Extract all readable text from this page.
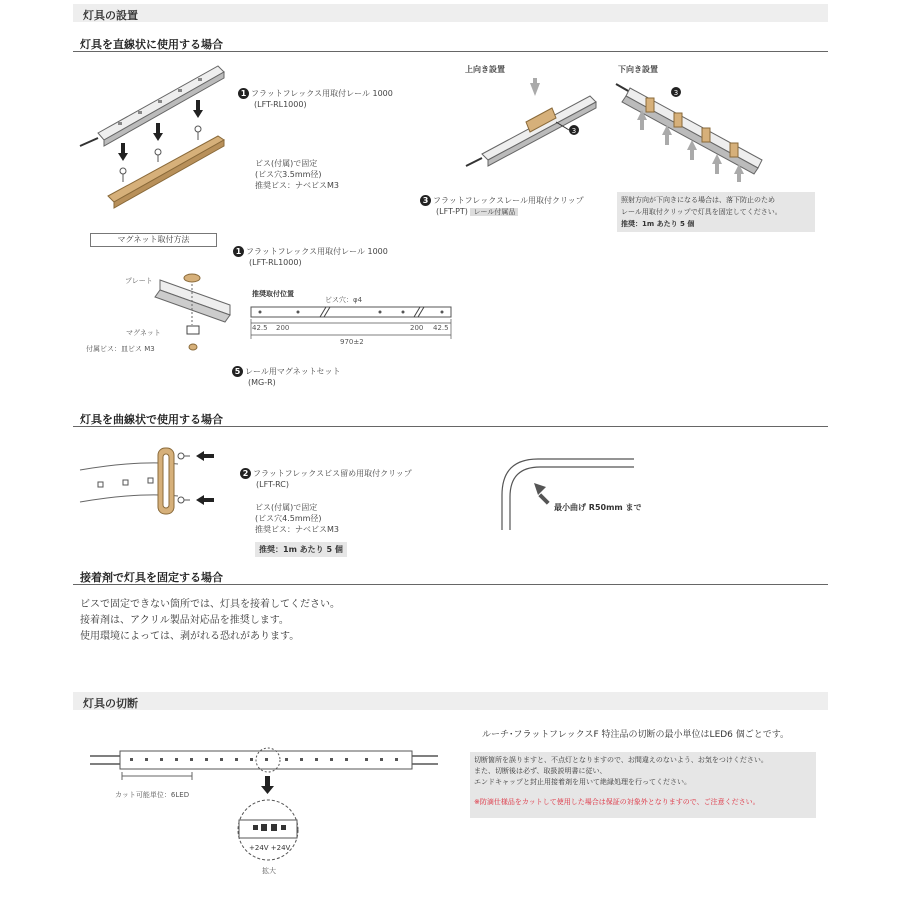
灯具の設置
灯具を直線状に使用する場合
1 フラットフレックス用取付レール 1000
(LFT-RL1000)
ビス(付属)で固定
(ビス穴3.5mm径)
推奨ビス：ナベビスM3
上向き設置
3
下向き設置
3
3 フラットフレックスレール用取付クリップ
(LFT-PT) レール付属品
照射方向が下向きになる場合は、落下防止のため
レール用取付クリップで灯具を固定してください。
推奨：1m あたり 5 個
マグネット取付方法
プレート
マグネット
付属ビス：皿ビス M3
1 フラットフレックス用取付レール 1000
(LFT-RL1000)
推奨取付位置
ビス穴：φ4
42.5 200	200 42.5
970±2
5 レール用マグネットセット
(MG-R)
灯具を曲線状で使用する場合
2 フラットフレックスビス留め用取付クリップ
(LFT-RC)
ビス(付属)で固定
(ビス穴4.5mm径)
推奨ビス：ナベビスM3
推奨：1m あたり 5 個
最小曲げ R50mm まで
接着剤で灯具を固定する場合
ビスで固定できない箇所では、灯具を接着してください。
接着剤は、アクリル製品対応品を推奨します。
使用環境によっては、剥がれる恐れがあります。
灯具の切断
カット可能単位：6LED
+24V +24V
拡大
ルーチ･フラットフレックスF 特注品の切断の最小単位はLED6 個ごとです。
切断箇所を誤りますと、不点灯となりますので、お間違えのないよう、お気をつけください。
また、切断後は必ず、取扱説明書に従い、
エンドキャップと封止用接着剤を用いて絶縁処理を行ってください。
※防滴仕様品をカットして使用した場合は保証の対象外となりますので、ご注意ください。
